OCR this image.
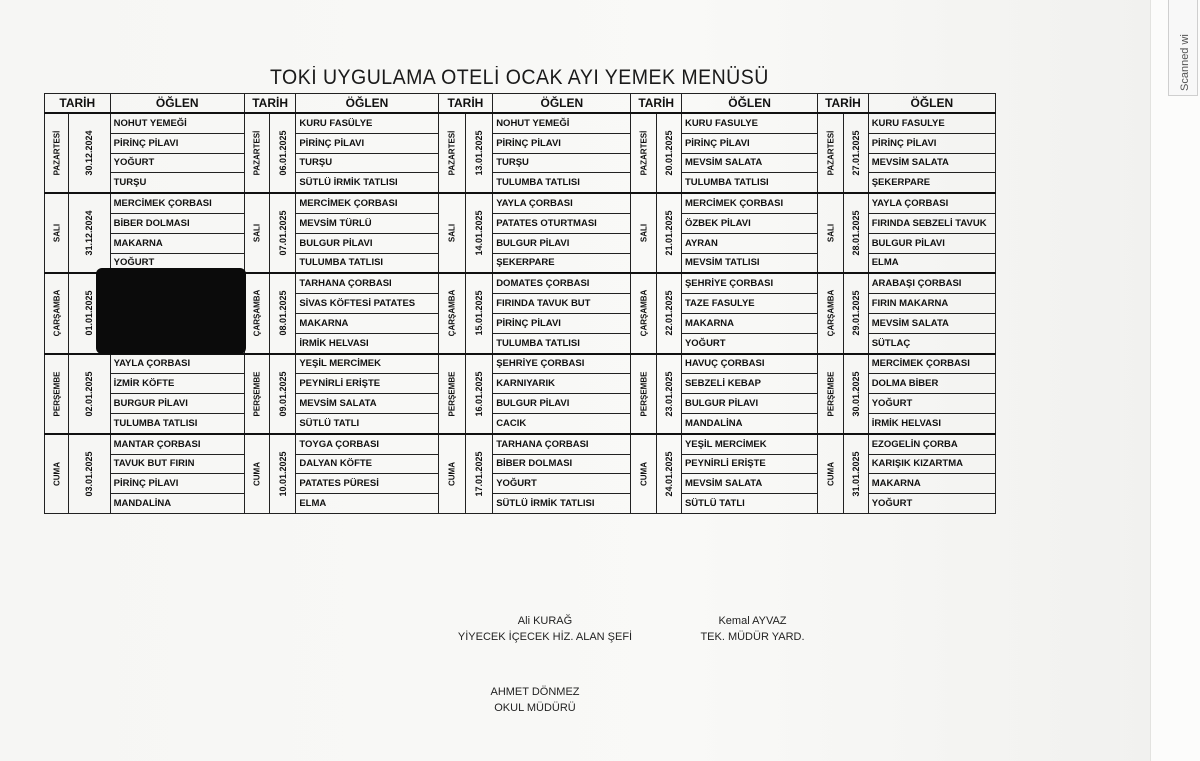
Scanned wi
TOKİ UYGULAMA OTELİ OCAK AYI YEMEK MENÜSÜ
TARİH		ÖĞLEN	TARİH		ÖĞLEN	TARİH		ÖĞLEN	TARİH		ÖĞLEN	TARİH		ÖĞLEN

PAZARTESİ	30.12.2024	NOHUT YEMEĞİ	PAZARTESİ	06.01.2025	KURU FASÜLYE	PAZARTESİ	13.01.2025	NOHUT YEMEĞİ	PAZARTESİ	20.01.2025	KURU FASULYE	PAZARTESİ	27.01.2025	KURU FASULYE
		PİRİNÇ PİLAVI			PİRİNÇ PİLAVI			PİRİNÇ PİLAVI			PİRİNÇ PİLAVI			PİRİNÇ PİLAVI
		YOĞURT			TURŞU			TURŞU			MEVSİM SALATA			MEVSİM SALATA
		TURŞU			SÜTLÜ İRMİK TATLISI			TULUMBA TATLISI			TULUMBA TATLISI			ŞEKERPARE

SALI	31.12.2024	MERCİMEK ÇORBASI	SALI	07.01.2025	MERCİMEK ÇORBASI	SALI	14.01.2025	YAYLA ÇORBASI	SALI	21.01.2025	MERCİMEK ÇORBASI	SALI	28.01.2025	YAYLA ÇORBASI
		BİBER DOLMASI			MEVSİM TÜRLÜ			PATATES OTURTMASI			ÖZBEK PİLAVI			FIRINDA SEBZELİ TAVUK
		MAKARNA			BULGUR PİLAVI			BULGUR PİLAVI			AYRAN			BULGUR PİLAVI
		YOĞURT			TULUMBA TATLISI			ŞEKERPARE			MEVSİM TATLISI			ELMA

ÇARŞAMBA	01.01.2025		ÇARŞAMBA	08.01.2025	TARHANA ÇORBASI	ÇARŞAMBA	15.01.2025	DOMATES ÇORBASI	ÇARŞAMBA	22.01.2025	ŞEHRİYE ÇORBASI	ÇARŞAMBA	29.01.2025	ARABAŞI ÇORBASI
					SİVAS KÖFTESİ PATATES			FIRINDA TAVUK BUT			TAZE FASULYE			FIRIN MAKARNA
					MAKARNA			PİRİNÇ PİLAVI			MAKARNA			MEVSİM SALATA
					İRMİK HELVASI			TULUMBA TATLISI			YOĞURT			SÜTLAÇ

PERŞEMBE	02.01.2025	YAYLA ÇORBASI	PERŞEMBE	09.01.2025	YEŞİL MERCİMEK	PERŞEMBE	16.01.2025	ŞEHRİYE ÇORBASI	PERŞEMBE	23.01.2025	HAVUÇ ÇORBASI	PERŞEMBE	30.01.2025	MERCİMEK ÇORBASI
		İZMİR KÖFTE			PEYNİRLİ ERİŞTE			KARNIYARIK			SEBZELİ KEBAP			DOLMA BİBER
		BURGUR PİLAVI			MEVSİM SALATA			BULGUR PİLAVI			BULGUR PİLAVI			YOĞURT
		TULUMBA TATLISI			SÜTLÜ TATLI			CACIK			MANDALİNA			İRMİK HELVASI

CUMA	03.01.2025	MANTAR ÇORBASI	CUMA	10.01.2025	TOYGA ÇORBASI	CUMA	17.01.2025	TARHANA ÇORBASI	CUMA	24.01.2025	YEŞİL MERCİMEK	CUMA	31.01.2025	EZOGELİN ÇORBA
		TAVUK BUT FIRIN			DALYAN KÖFTE			BİBER DOLMASI			PEYNİRLİ ERİŞTE			KARIŞIK KIZARTMA
		PİRİNÇ PİLAVI			PATATES PÜRESİ			YOĞURT			MEVSİM SALATA			MAKARNA
		MANDALİNA			ELMA			SÜTLÜ İRMİK TATLISI			SÜTLÜ TATLI			YOĞURT
Ali KURAĞ
YİYECEK İÇECEK HİZ. ALAN ŞEFİ
Kemal AYVAZ
TEK. MÜDÜR YARD.
AHMET DÖNMEZ
OKUL MÜDÜRÜ
